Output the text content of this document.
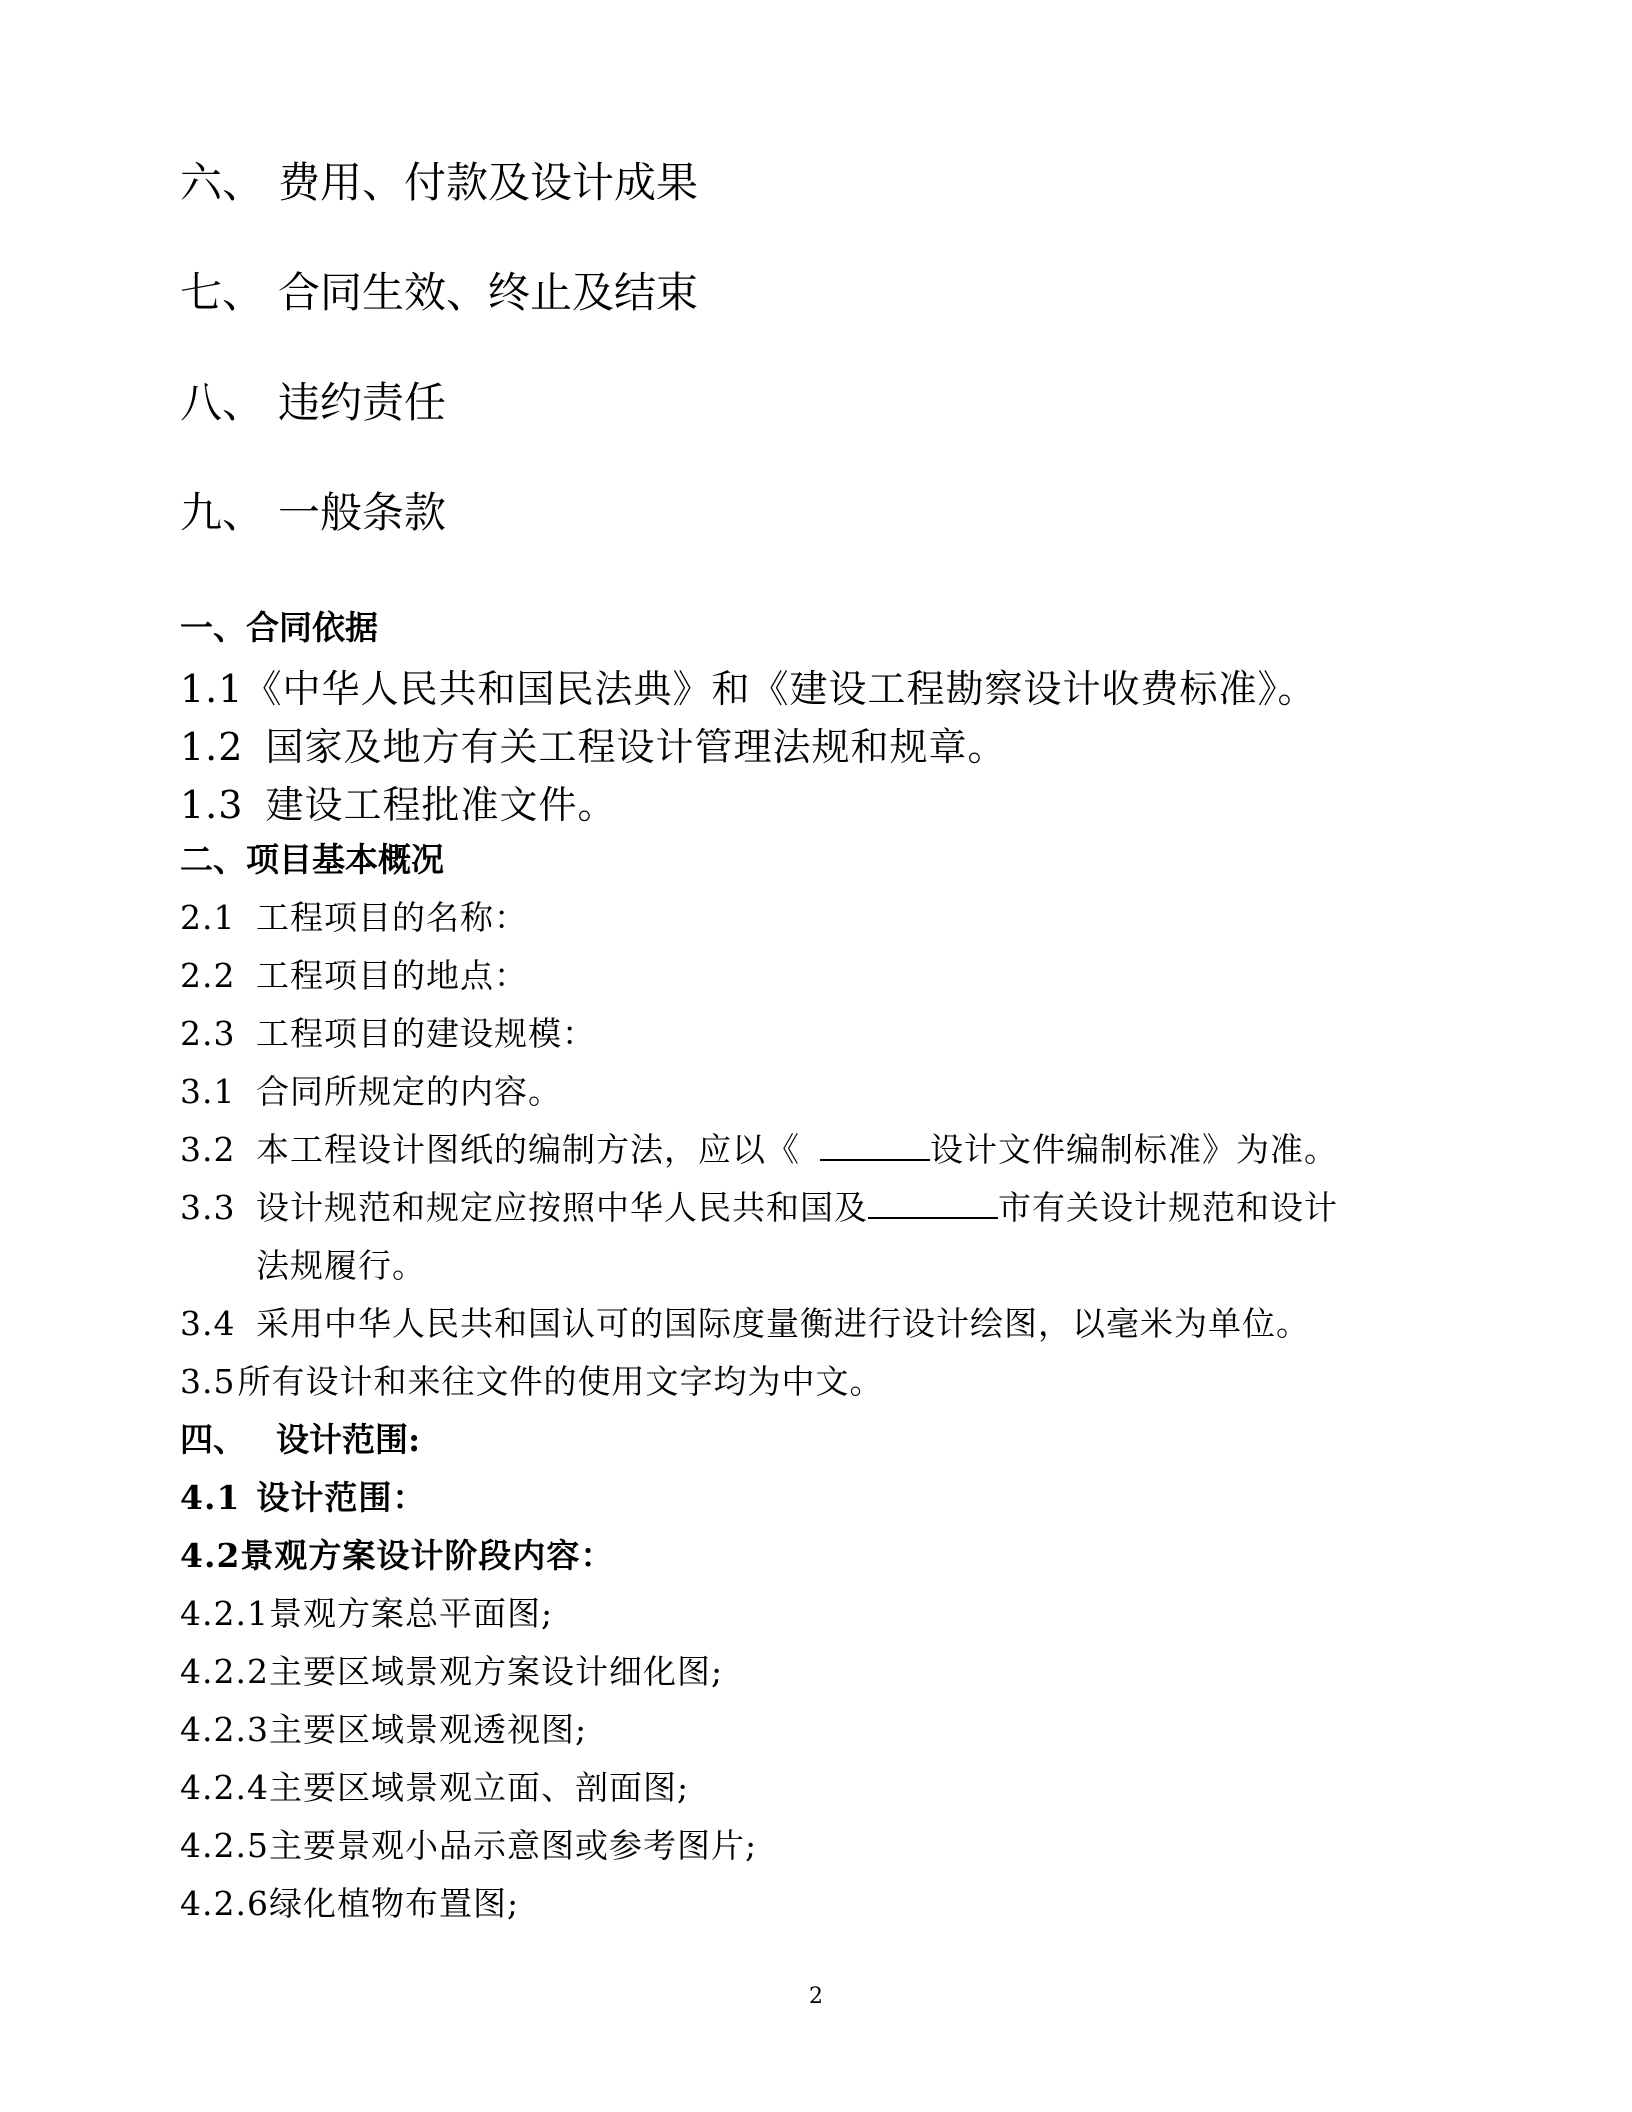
六、 费用、付款及设计成果
七、 合同生效、终止及结束
八、 违约责任
九、 一般条款
一、合同依据
1.1《中华人民共和国民法典》和《建设工程勘察设计收费标准》。
1.2 国家及地方有关工程设计管理法规和规章。
1.3 建设工程批准文件。
二、项目基本概况
2.1 工程项目的名称：
2.2 工程项目的地点：
2.3 工程项目的建设规模：
3.1 合同所规定的内容。
3.2 本工程设计图纸的编制方法，应以《	设计文件编制标准》为准。
3.3 设计规范和规定应按照中华人民共和国及	市有关设计规范和设计
法规履行。
3.4 采用中华人民共和国认可的国际度量衡进行设计绘图，以毫米为单位。
3.5所有设计和来往文件的使用文字均为中文。
四、 设计范围:
4.1 设计范围：
4.2景观方案设计阶段内容：
4.2.1景观方案总平面图;
4.2.2主要区域景观方案设计细化图;
4.2.3主要区域景观透视图;
4.2.4主要区域景观立面、剖面图;
4.2.5主要景观小品示意图或参考图片;
4.2.6绿化植物布置图;
2
